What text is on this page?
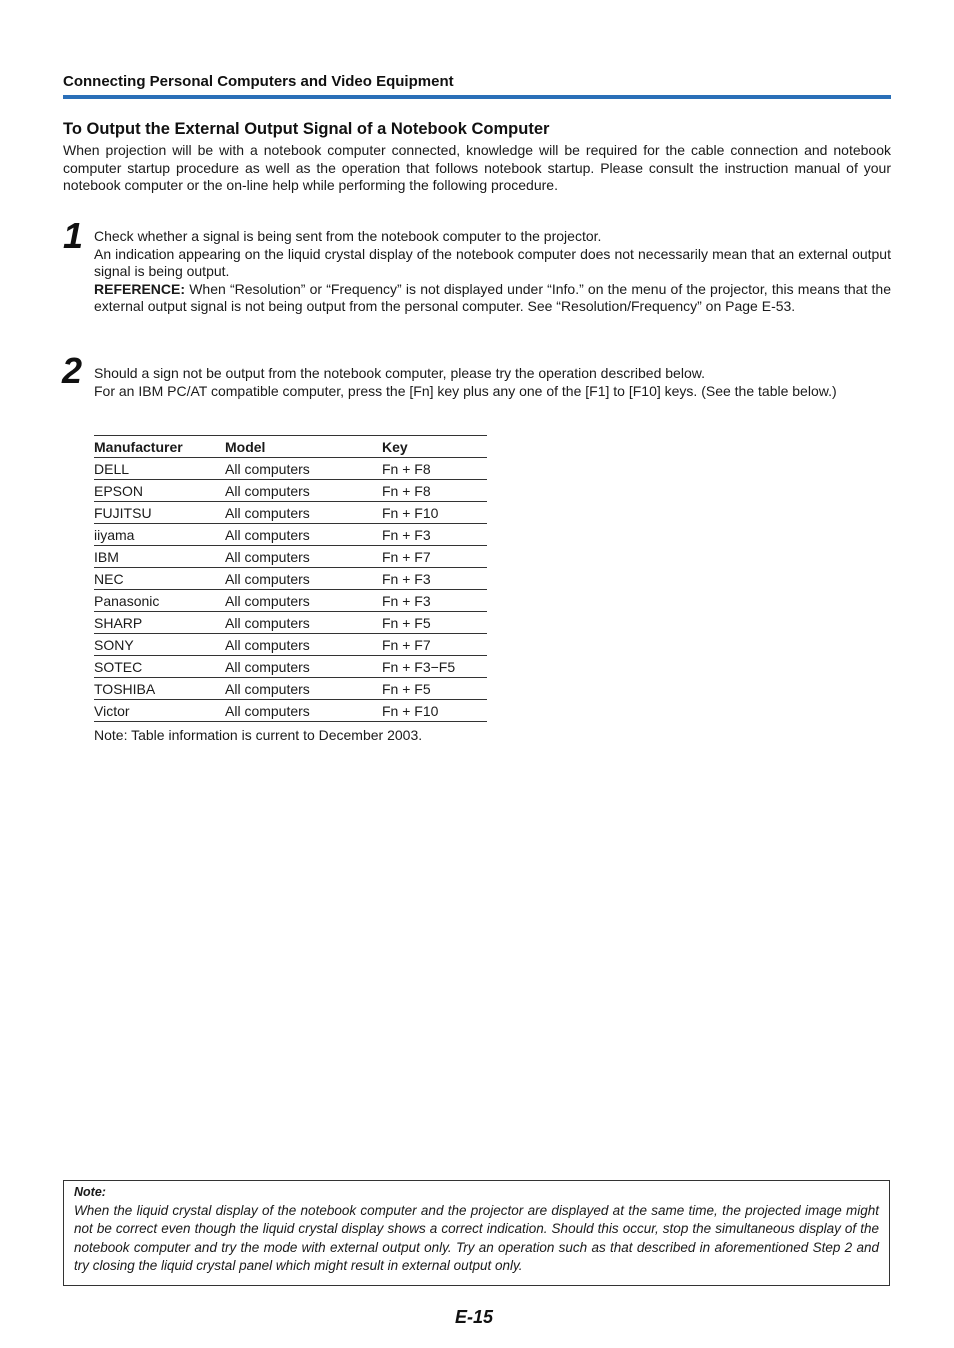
Connecting Personal Computers and Video Equipment
To Output the External Output Signal of a Notebook Computer
When projection will be with a notebook computer connected, knowledge will be required for the cable connection and notebook computer startup procedure as well as the operation that follows notebook startup. Please consult the instruction manual of your notebook computer or the on-line help while performing the following procedure.
1 Check whether a signal is being sent from the notebook computer to the projector.

An indication appearing on the liquid crystal display of the notebook computer does not necessarily mean that an external output signal is being output.

REFERENCE: When “Resolution” or “Frequency” is not displayed under “Info.” on the menu of the projector, this means that the external output signal is not being output from the personal computer. See “Resolution/Frequency” on Page E-53.

2 Should a sign not be output from the notebook computer, please try the operation described below.

For an IBM PC/AT compatible computer, press the [Fn] key plus any one of the [F1] to [F10] keys. (See the table below.)

Manufacturer	Model	Key
DELL	All computers	Fn + F8
EPSON	All computers	Fn + F8
FUJITSU	All computers	Fn + F10
iiyama	All computers	Fn + F3
IBM	All computers	Fn + F7
NEC	All computers	Fn + F3
Panasonic	All computers	Fn + F3
SHARP	All computers	Fn + F5
SONY	All computers	Fn + F7
SOTEC	All computers	Fn + F3−F5
TOSHIBA	All computers	Fn + F5
Victor	All computers	Fn + F10
Note: Table information is current to December 2003.
Note:
When the liquid crystal display of the notebook computer and the projector are displayed at the same time, the projected image might not be correct even though the liquid crystal display shows a correct indication. Should this occur, stop the simultaneous display of the notebook computer and try the mode with external output only. Try an operation such as that described in aforementioned Step 2 and try closing the liquid crystal panel which might result in external output only.
E-15
